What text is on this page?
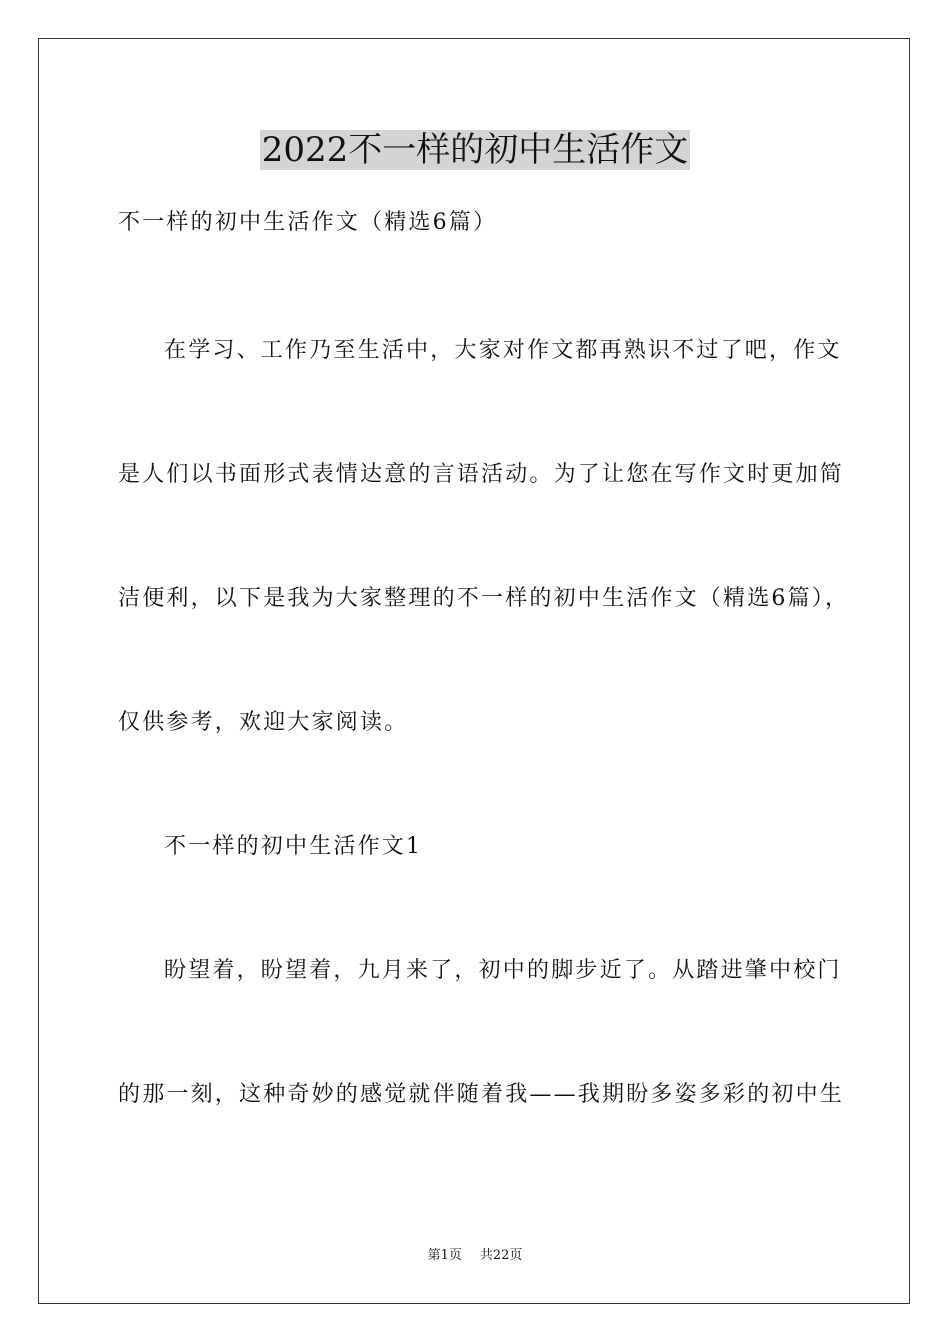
2022不一样的初中生活作文
不一样的初中生活作文（精选6篇）
在学习、工作乃至生活中，大家对作文都再熟识不过了吧，作文
是人们以书面形式表情达意的言语活动。为了让您在写作文时更加简
洁便利，以下是我为大家整理的不一样的初中生活作文（精选6篇），
仅供参考，欢迎大家阅读。
不一样的初中生活作文1
盼望着，盼望着，九月来了，初中的脚步近了。从踏进肇中校门
的那一刻，这种奇妙的感觉就伴随着我——我期盼多姿多彩的初中生
第1页 共22页
